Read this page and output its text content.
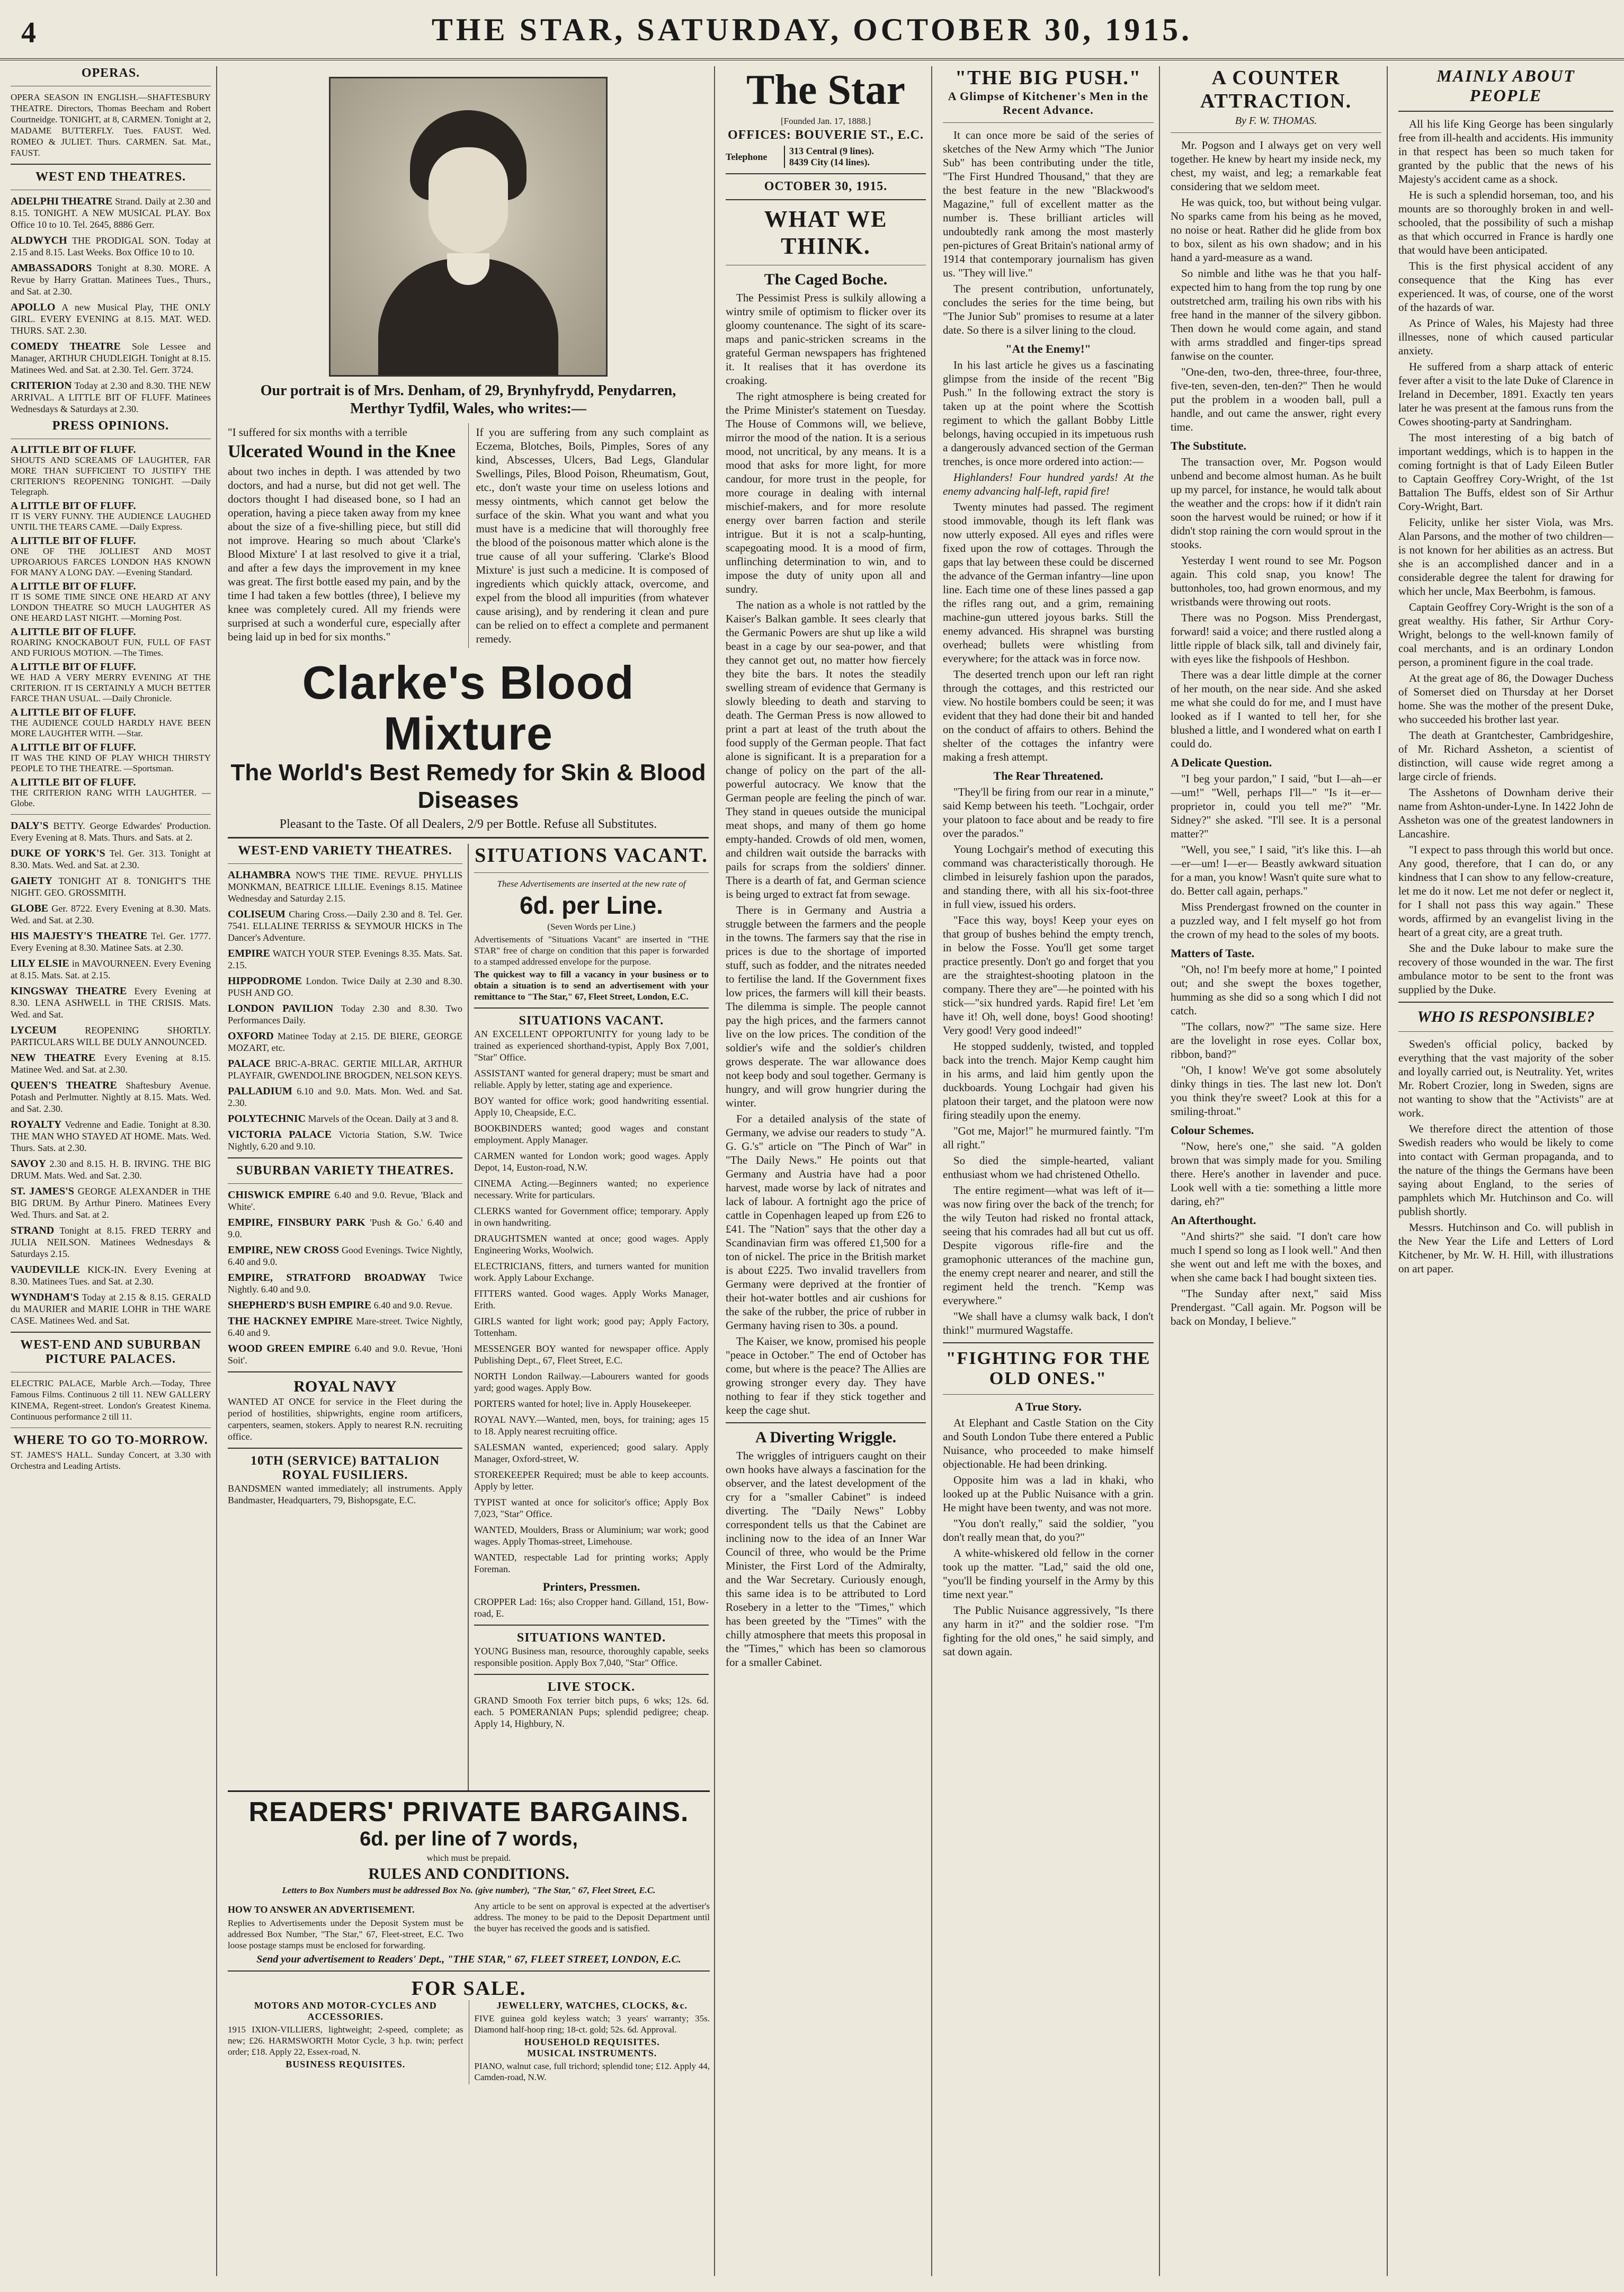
4	THE STAR, SATURDAY, OCTOBER 30, 1915.
OPERAS.
OPERA SEASON IN ENGLISH.—SHAFTESBURY THEATRE. Directors, Thomas Beecham and Robert Courtneidge. TONIGHT, at 8, CARMEN. Tonight at 2, MADAME BUTTERFLY. Tues. FAUST. Wed. ROMEO & JULIET. Thurs. CARMEN. Sat. Mat., FAUST.
WEST END THEATRES.
ADELPHI THEATRE Strand. Daily at 2.30 and 8.15. TONIGHT. A NEW MUSICAL PLAY. Box Office 10 to 10. Tel. 2645, 8886 Gerr.
ALDWYCH THE PRODIGAL SON. Today at 2.15 and 8.15. Last Weeks. Box Office 10 to 10.
AMBASSADORS Tonight at 8.30. MORE. A Revue by Harry Grattan. Matinees Tues., Thurs., and Sat. at 2.30.
APOLLO A new Musical Play, THE ONLY GIRL. EVERY EVENING at 8.15. MAT. WED. THURS. SAT. 2.30.
COMEDY THEATRE Sole Lessee and Manager, ARTHUR CHUDLEIGH. Tonight at 8.15. Matinees Wed. and Sat. at 2.30. Tel. Gerr. 3724.
CRITERION Today at 2.30 and 8.30. THE NEW ARRIVAL. A LITTLE BIT OF FLUFF. Matinees Wednesdays & Saturdays at 2.30.
PRESS OPINIONS.
A LITTLE BIT OF FLUFF.
SHOUTS AND SCREAMS OF LAUGHTER, FAR MORE THAN SUFFICIENT TO JUSTIFY THE CRITERION'S REOPENING TONIGHT. —Daily Telegraph.
A LITTLE BIT OF FLUFF.
IT IS VERY FUNNY. THE AUDIENCE LAUGHED UNTIL THE TEARS CAME. —Daily Express.
A LITTLE BIT OF FLUFF.
ONE OF THE JOLLIEST AND MOST UPROARIOUS FARCES LONDON HAS KNOWN FOR MANY A LONG DAY. —Evening Standard.
A LITTLE BIT OF FLUFF.
IT IS SOME TIME SINCE ONE HEARD AT ANY LONDON THEATRE SO MUCH LAUGHTER AS ONE HEARD LAST NIGHT. —Morning Post.
A LITTLE BIT OF FLUFF.
ROARING KNOCKABOUT FUN, FULL OF FAST AND FURIOUS MOTION. —The Times.
A LITTLE BIT OF FLUFF.
WE HAD A VERY MERRY EVENING AT THE CRITERION. IT IS CERTAINLY A MUCH BETTER FARCE THAN USUAL. —Daily Chronicle.
A LITTLE BIT OF FLUFF.
THE AUDIENCE COULD HARDLY HAVE BEEN MORE LAUGHTER WITH. —Star.
A LITTLE BIT OF FLUFF.
IT WAS THE KIND OF PLAY WHICH THIRSTY PEOPLE TO THE THEATRE. —Sportsman.
A LITTLE BIT OF FLUFF.
THE CRITERION RANG WITH LAUGHTER. —Globe.
DALY'S BETTY. George Edwardes' Production. Every Evening at 8. Mats. Thurs. and Sats. at 2.
DUKE OF YORK'S Tel. Ger. 313. Tonight at 8.30. Mats. Wed. and Sat. at 2.30.
GAIETY TONIGHT AT 8. TONIGHT'S THE NIGHT. GEO. GROSSMITH.
GLOBE Ger. 8722. Every Evening at 8.30. Mats. Wed. and Sat. at 2.30.
HIS MAJESTY'S THEATRE Tel. Ger. 1777. Every Evening at 8.30. Matinee Sats. at 2.30.
LILY ELSIE in MAVOURNEEN. Every Evening at 8.15. Mats. Sat. at 2.15.
KINGSWAY THEATRE Every Evening at 8.30. LENA ASHWELL in THE CRISIS. Mats. Wed. and Sat.
LYCEUM	REOPENING SHORTLY. PARTICULARS WILL BE DULY ANNOUNCED.
NEW THEATRE Every Evening at 8.15. Matinee Wed. and Sat. at 2.30.
QUEEN'S THEATRE Shaftesbury Avenue. Potash and Perlmutter. Nightly at 8.15. Mats. Wed. and Sat. 2.30.
ROYALTY Vedrenne and Eadie. Tonight at 8.30. THE MAN WHO STAYED AT HOME. Mats. Wed. Thurs. Sats. at 2.30.
SAVOY 2.30 and 8.15. H. B. IRVING. THE BIG DRUM. Mats. Wed. and Sat. 2.30.
ST. JAMES'S GEORGE ALEXANDER in THE BIG DRUM. By Arthur Pinero. Matinees Every Wed. Thurs. and Sat. at 2.
STRAND Tonight at 8.15. FRED TERRY and JULIA NEILSON. Matinees Wednesdays & Saturdays 2.15.
VAUDEVILLE KICK-IN. Every Evening at 8.30. Matinees Tues. and Sat. at 2.30.
WYNDHAM'S Today at 2.15 & 8.15. GERALD du MAURIER and MARIE LOHR in THE WARE CASE. Matinees Wed. and Sat.
WEST-END AND SUBURBAN PICTURE PALACES.
ELECTRIC PALACE, Marble Arch.—Today, Three Famous Films. Continuous 2 till 11. NEW GALLERY KINEMA, Regent-street. London's Greatest Kinema. Continuous performance 2 till 11.
WHERE TO GO TO-MORROW.
ST. JAMES'S HALL. Sunday Concert, at 3.30 with Orchestra and Leading Artists.
Our portrait is of Mrs. Denham, of 29, Brynhyfrydd, Penydarren, Merthyr Tydfil, Wales, who writes:—
"I suffered for six months with a terrible
Ulcerated Wound in the Knee
about two inches in depth. I was attended by two doctors, and had a nurse, but did not get well. The doctors thought I had diseased bone, so I had an operation, having a piece taken away from my knee about the size of a five-shilling piece, but still did not improve. Hearing so much about 'Clarke's Blood Mixture' I at last resolved to give it a trial, and after a few days the improvement in my knee was great. The first bottle eased my pain, and by the time I had taken a few bottles (three), I believe my knee was completely cured. All my friends were surprised at such a wonderful cure, especially after being laid up in bed for six months."
If you are suffering from any such complaint as Eczema, Blotches, Boils, Pimples, Sores of any kind, Abscesses, Ulcers, Bad Legs, Glandular Swellings, Piles, Blood Poison, Rheumatism, Gout, etc., don't waste your time on useless lotions and messy ointments, which cannot get below the surface of the skin. What you want and what you must have is a medicine that will thoroughly free the blood of the poisonous matter which alone is the true cause of all your suffering. 'Clarke's Blood Mixture' is just such a medicine. It is composed of ingredients which quickly attack, overcome, and expel from the blood all impurities (from whatever cause arising), and by rendering it clean and pure can be relied on to effect a complete and permanent remedy.
Clarke's Blood Mixture
The World's Best Remedy for Skin & Blood Diseases
Pleasant to the Taste. Of all Dealers, 2/9 per Bottle. Refuse all Substitutes.
WEST-END VARIETY THEATRES.
ALHAMBRA NOW'S THE TIME. REVUE. PHYLLIS MONKMAN, BEATRICE LILLIE. Evenings 8.15. Matinee Wednesday and Saturday 2.15.
COLISEUM Charing Cross.—Daily 2.30 and 8. Tel. Ger. 7541. ELLALINE TERRISS & SEYMOUR HICKS in The Dancer's Adventure.
EMPIRE WATCH YOUR STEP. Evenings 8.35. Mats. Sat. 2.15.
HIPPODROME London. Twice Daily at 2.30 and 8.30. PUSH AND GO.
LONDON PAVILION Today 2.30 and 8.30. Two Performances Daily.
OXFORD Matinee Today at 2.15. DE BIERE, GEORGE MOZART, etc.
PALACE BRIC-A-BRAC. GERTIE MILLAR, ARTHUR PLAYFAIR, GWENDOLINE BROGDEN, NELSON KEYS.
PALLADIUM 6.10 and 9.0. Mats. Mon. Wed. and Sat. 2.30.
POLYTECHNIC Marvels of the Ocean. Daily at 3 and 8.
VICTORIA PALACE Victoria Station, S.W. Twice Nightly, 6.20 and 9.10.
SUBURBAN VARIETY THEATRES.
CHISWICK EMPIRE 6.40 and 9.0. Revue, 'Black and White'.
EMPIRE, FINSBURY PARK 'Push & Go.' 6.40 and 9.0.
EMPIRE, NEW CROSS Good Evenings. Twice Nightly, 6.40 and 9.0.
EMPIRE, STRATFORD BROADWAY Twice Nightly. 6.40 and 9.0.
SHEPHERD'S BUSH EMPIRE 6.40 and 9.0. Revue.
THE HACKNEY EMPIRE Mare-street. Twice Nightly, 6.40 and 9.
WOOD GREEN EMPIRE 6.40 and 9.0. Revue, 'Honi Soit'.
ROYAL NAVY
WANTED AT ONCE for service in the Fleet during the period of hostilities, shipwrights, engine room artificers, carpenters, seamen, stokers. Apply to nearest R.N. recruiting office.
10TH (SERVICE) BATTALION ROYAL FUSILIERS.
BANDSMEN wanted immediately; all instruments. Apply Bandmaster, Headquarters, 79, Bishopsgate, E.C.
SITUATIONS VACANT.
These Advertisements are inserted at the new rate of
6d. per Line.
(Seven Words per Line.)
Advertisements of "Situations Vacant" are inserted in "THE STAR" free of charge on condition that this paper is forwarded to a stamped addressed envelope for the purpose.
The quickest way to fill a vacancy in your business or to obtain a situation is to send an advertisement with your remittance to "The Star," 67, Fleet Street, London, E.C.
SITUATIONS VACANT.
AN EXCELLENT OPPORTUNITY for young lady to be trained as experienced shorthand-typist, Apply Box 7,001, "Star" Office.
ASSISTANT wanted for general drapery; must be smart and reliable. Apply by letter, stating age and experience.
BOY wanted for office work; good handwriting essential. Apply 10, Cheapside, E.C.
BOOKBINDERS wanted; good wages and constant employment. Apply Manager.
CARMEN wanted for London work; good wages. Apply Depot, 14, Euston-road, N.W.
CINEMA Acting.—Beginners wanted; no experience necessary. Write for particulars.
CLERKS wanted for Government office; temporary. Apply in own handwriting.
DRAUGHTSMEN wanted at once; good wages. Apply Engineering Works, Woolwich.
ELECTRICIANS, fitters, and turners wanted for munition work. Apply Labour Exchange.
FITTERS wanted. Good wages. Apply Works Manager, Erith.
GIRLS wanted for light work; good pay; Apply Factory, Tottenham.
MESSENGER BOY wanted for newspaper office. Apply Publishing Dept., 67, Fleet Street, E.C.
NORTH London Railway.—Labourers wanted for goods yard; good wages. Apply Bow.
PORTERS wanted for hotel; live in. Apply Housekeeper.
ROYAL NAVY.—Wanted, men, boys, for training; ages 15 to 18. Apply nearest recruiting office.
SALESMAN wanted, experienced; good salary. Apply Manager, Oxford-street, W.
STOREKEEPER Required; must be able to keep accounts. Apply by letter.
TYPIST wanted at once for solicitor's office; Apply Box 7,023, "Star" Office.
WANTED, Moulders, Brass or Aluminium; war work; good wages. Apply Thomas-street, Limehouse.
WANTED, respectable Lad for printing works; Apply Foreman.
Printers, Pressmen.
CROPPER Lad: 16s; also Cropper hand. Gilland, 151, Bow-road, E.
SITUATIONS WANTED.
YOUNG Business man, resource, thoroughly capable, seeks responsible position. Apply Box 7,040, "Star" Office.
LIVE STOCK.
GRAND Smooth Fox terrier bitch pups, 6 wks; 12s. 6d. each. 5 POMERANIAN Pups; splendid pedigree; cheap. Apply 14, Highbury, N.
READERS' PRIVATE BARGAINS.
6d. per line of 7 words,
which must be prepaid.
RULES AND CONDITIONS.
Letters to Box Numbers must be addressed Box No. (give number), "The Star," 67, Fleet Street, E.C.
HOW TO ANSWER AN ADVERTISEMENT.
Replies to Advertisements under the Deposit System must be addressed Box Number, "The Star," 67, Fleet-street, E.C. Two loose postage stamps must be enclosed for forwarding.
Any article to be sent on approval is expected at the advertiser's address. The money to be paid to the Deposit Department until the buyer has received the goods and is satisfied.
Send your advertisement to Readers' Dept., "THE STAR," 67, FLEET STREET, LONDON, E.C.
FOR SALE.
MOTORS AND MOTOR-CYCLES AND ACCESSORIES.
1915 IXION-VILLIERS, lightweight; 2-speed, complete; as new; £26. HARMSWORTH Motor Cycle, 3 h.p. twin; perfect order; £18. Apply 22, Essex-road, N.
BUSINESS REQUISITES.
JEWELLERY, WATCHES, CLOCKS, &c.
FIVE guinea gold keyless watch; 3 years' warranty; 35s. Diamond half-hoop ring; 18-ct. gold; 52s. 6d. Approval.
HOUSEHOLD REQUISITES.
MUSICAL INSTRUMENTS.
PIANO, walnut case, full trichord; splendid tone; £12. Apply 44, Camden-road, N.W.
The Star
[Founded Jan. 17, 1888.]
OFFICES: BOUVERIE ST., E.C.
Telephone
313 Central (9 lines).
8439 City (14 lines).
OCTOBER 30, 1915.
WHAT WE THINK.
The Caged Boche.
The Pessimist Press is sulkily allowing a wintry smile of optimism to flicker over its gloomy countenance. The sight of its scare-maps and panic-stricken screams in the grateful German newspapers has frightened it. It realises that it has overdone its croaking.
The right atmosphere is being created for the Prime Minister's statement on Tuesday. The House of Commons will, we believe, mirror the mood of the nation. It is a serious mood, not uncritical, by any means. It is a mood that asks for more light, for more candour, for more trust in the people, for more courage in dealing with internal mischief-makers, and for more resolute energy over barren faction and sterile intrigue. But it is not a scalp-hunting, scapegoating mood. It is a mood of firm, unflinching determination to win, and to impose the duty of unity upon all and sundry.
The nation as a whole is not rattled by the Kaiser's Balkan gamble. It sees clearly that the Germanic Powers are shut up like a wild beast in a cage by our sea-power, and that they cannot get out, no matter how fiercely they bite the bars. It notes the steadily swelling stream of evidence that Germany is slowly bleeding to death and starving to death. The German Press is now allowed to print a part at least of the truth about the food supply of the German people. That fact alone is significant. It is a preparation for a change of policy on the part of the all-powerful autocracy. We know that the German people are feeling the pinch of war. They stand in queues outside the municipal meat shops, and many of them go home empty-handed. Crowds of old men, women, and children wait outside the barracks with pails for scraps from the soldiers' dinner. There is a dearth of fat, and German science is being urged to extract fat from sewage.
There is in Germany and Austria a struggle between the farmers and the people in the towns. The farmers say that the rise in prices is due to the shortage of imported stuff, such as fodder, and the nitrates needed to fertilise the land. If the Government fixes low prices, the farmers will kill their beasts. The dilemma is simple. The people cannot pay the high prices, and the farmers cannot live on the low prices. The condition of the soldier's wife and the soldier's children grows desperate. The war allowance does not keep body and soul together. Germany is hungry, and will grow hungrier during the winter.
For a detailed analysis of the state of Germany, we advise our readers to study "A. G. G.'s" article on "The Pinch of War" in "The Daily News." He points out that Germany and Austria have had a poor harvest, made worse by lack of nitrates and lack of labour. A fortnight ago the price of cattle in Copenhagen leaped up from £26 to £41. The "Nation" says that the other day a Scandinavian firm was offered £1,500 for a ton of nickel. The price in the British market is about £225. Two invalid travellers from Germany were deprived at the frontier of their hot-water bottles and air cushions for the sake of the rubber, the price of rubber in Germany having risen to 30s. a pound.
The Kaiser, we know, promised his people "peace in October." The end of October has come, but where is the peace? The Allies are growing stronger every day. They have nothing to fear if they stick together and keep the cage shut.
A Diverting Wriggle.
The wriggles of intriguers caught on their own hooks have always a fascination for the observer, and the latest development of the cry for a "smaller Cabinet" is indeed diverting. The "Daily News" Lobby correspondent tells us that the Cabinet are inclining now to the idea of an Inner War Council of three, who would be the Prime Minister, the First Lord of the Admiralty, and the War Secretary. Curiously enough, this same idea is to be attributed to Lord Rosebery in a letter to the "Times," which has been greeted by the "Times" with the chilly atmosphere that meets this proposal in the "Times," which has been so clamorous for a smaller Cabinet.
"THE BIG PUSH."
A Glimpse of Kitchener's Men in the Recent Advance.
It can once more be said of the series of sketches of the New Army which "The Junior Sub" has been contributing under the title, "The First Hundred Thousand," that they are the best feature in the new "Blackwood's Magazine," full of excellent matter as the number is. These brilliant articles will undoubtedly rank among the most masterly pen-pictures of Great Britain's national army of 1914 that contemporary journalism has given us. "They will live."
The present contribution, unfortunately, concludes the series for the time being, but "The Junior Sub" promises to resume at a later date. So there is a silver lining to the cloud.
"At the Enemy!"
In his last article he gives us a fascinating glimpse from the inside of the recent "Big Push." In the following extract the story is taken up at the point where the Scottish regiment to which the gallant Bobby Little belongs, having occupied in its impetuous rush a dangerously advanced section of the German trenches, is once more ordered into action:—
Highlanders! Four hundred yards! At the enemy advancing half-left, rapid fire!
Twenty minutes had passed. The regiment stood immovable, though its left flank was now utterly exposed. All eyes and rifles were fixed upon the row of cottages. Through the gaps that lay between these could be discerned the advance of the German infantry—line upon line. Each time one of these lines passed a gap the rifles rang out, and a grim, remaining machine-gun uttered joyous barks. Still the enemy advanced. His shrapnel was bursting overhead; bullets were whistling from everywhere; for the attack was in force now.
The deserted trench upon our left ran right through the cottages, and this restricted our view. No hostile bombers could be seen; it was evident that they had done their bit and handed on the conduct of affairs to others. Behind the shelter of the cottages the infantry were making a fresh attempt.
The Rear Threatened.
"They'll be firing from our rear in a minute," said Kemp between his teeth. "Lochgair, order your platoon to face about and be ready to fire over the parados."
Young Lochgair's method of executing this command was characteristically thorough. He climbed in leisurely fashion upon the parados, and standing there, with all his six-foot-three in full view, issued his orders.
"Face this way, boys! Keep your eyes on that group of bushes behind the empty trench, in below the Fosse. You'll get some target practice presently. Don't go and forget that you are the straightest-shooting platoon in the company. There they are"—he pointed with his stick—"six hundred yards. Rapid fire! Let 'em have it! Oh, well done, boys! Good shooting! Very good! Very good indeed!"
He stopped suddenly, twisted, and toppled back into the trench. Major Kemp caught him in his arms, and laid him gently upon the duckboards. Young Lochgair had given his platoon their target, and the platoon were now firing steadily upon the enemy.
"Got me, Major!" he murmured faintly. "I'm all right."
So died the simple-hearted, valiant enthusiast whom we had christened Othello.
The entire regiment—what was left of it—was now firing over the back of the trench; for the wily Teuton had risked no frontal attack, seeing that his comrades had all but cut us off. Despite vigorous rifle-fire and the gramophonic utterances of the machine gun, the enemy crept nearer and nearer, and still the regiment held the trench. "Kemp was everywhere."
"We shall have a clumsy walk back, I don't think!" murmured Wagstaffe.
"FIGHTING FOR THE OLD ONES."
A True Story.
At Elephant and Castle Station on the City and South London Tube there entered a Public Nuisance, who proceeded to make himself objectionable. He had been drinking.
Opposite him was a lad in khaki, who looked up at the Public Nuisance with a grin. He might have been twenty, and was not more.
"You don't really," said the soldier, "you don't really mean that, do you?"
A white-whiskered old fellow in the corner took up the matter. "Lad," said the old one, "you'll be finding yourself in the Army by this time next year."
The Public Nuisance aggressively, "Is there any harm in it?" and the soldier rose. "I'm fighting for the old ones," he said simply, and sat down again.
A COUNTER ATTRACTION.
By F. W. THOMAS.
Mr. Pogson and I always get on very well together. He knew by heart my inside neck, my chest, my waist, and leg; a remarkable feat considering that we seldom meet.
He was quick, too, but without being vulgar. No sparks came from his being as he moved, no noise or heat. Rather did he glide from box to box, silent as his own shadow; and in his hand a yard-measure as a wand.
So nimble and lithe was he that you half-expected him to hang from the top rung by one outstretched arm, trailing his own ribs with his free hand in the manner of the silvery gibbon. Then down he would come again, and stand with arms straddled and finger-tips spread fanwise on the counter.
"One-den, two-den, three-three, four-three, five-ten, seven-den, ten-den?" Then he would put the problem in a wooden ball, pull a handle, and out came the answer, right every time.
The Substitute.
The transaction over, Mr. Pogson would unbend and become almost human. As he built up my parcel, for instance, he would talk about the weather and the crops: how if it didn't rain soon the harvest would be ruined; or how if it didn't stop raining the corn would sprout in the stooks.
Yesterday I went round to see Mr. Pogson again. This cold snap, you know! The buttonholes, too, had grown enormous, and my wristbands were throwing out roots.
There was no Pogson. Miss Prendergast, forward! said a voice; and there rustled along a little ripple of black silk, tall and divinely fair, with eyes like the fishpools of Heshbon.
There was a dear little dimple at the corner of her mouth, on the near side. And she asked me what she could do for me, and I must have looked as if I wanted to tell her, for she blushed a little, and I wondered what on earth I could do.
A Delicate Question.
"I beg your pardon," I said, "but I—ah—er—um!" "Well, perhaps I'll—" "Is it—er—proprietor in, could you tell me?" "Mr. Sidney?" she asked. "I'll see. It is a personal matter?"
"Well, you see," I said, "it's like this. I—ah—er—um! I—er— Beastly awkward situation for a man, you know! Wasn't quite sure what to do. Better call again, perhaps."
Miss Prendergast frowned on the counter in a puzzled way, and I felt myself go hot from the crown of my head to the soles of my boots.
Matters of Taste.
"Oh, no! I'm beefy more at home," I pointed out; and she swept the boxes together, humming as she did so a song which I did not catch.
"The collars, now?" "The same size. Here are the lovelight in rose eyes. Collar box, ribbon, band?"
"Oh, I know! We've got some absolutely dinky things in ties. The last new lot. Don't you think they're sweet? Look at this for a smiling-throat."
Colour Schemes.
"Now, here's one," she said. "A golden brown that was simply made for you. Smiling there. Here's another in lavender and puce. Look well with a tie: something a little more daring, eh?"
An Afterthought.
"And shirts?" she said. "I don't care how much I spend so long as I look well." And then she went out and left me with the boxes, and when she came back I had bought sixteen ties.
"The Sunday after next," said Miss Prendergast. "Call again. Mr. Pogson will be back on Monday, I believe."
MAINLY ABOUT PEOPLE
All his life King George has been singularly free from ill-health and accidents. His immunity in that respect has been so much taken for granted by the public that the news of his Majesty's accident came as a shock.
He is such a splendid horseman, too, and his mounts are so thoroughly broken in and well-schooled, that the possibility of such a mishap as that which occurred in France is hardly one that would have been anticipated.
This is the first physical accident of any consequence that the King has ever experienced. It was, of course, one of the worst of the hazards of war.
As Prince of Wales, his Majesty had three illnesses, none of which caused particular anxiety.
He suffered from a sharp attack of enteric fever after a visit to the late Duke of Clarence in Ireland in December, 1891. Exactly ten years later he was present at the famous runs from the Cowes shooting-party at Sandringham.
The most interesting of a big batch of important weddings, which is to happen in the coming fortnight is that of Lady Eileen Butler to Captain Geoffrey Cory-Wright, of the 1st Battalion The Buffs, eldest son of Sir Arthur Cory-Wright, Bart.
Felicity, unlike her sister Viola, was Mrs. Alan Parsons, and the mother of two children—is not known for her abilities as an actress. But she is an accomplished dancer and in a considerable degree the talent for drawing for which her uncle, Max Beerbohm, is famous.
Captain Geoffrey Cory-Wright is the son of a great wealthy. His father, Sir Arthur Cory-Wright, belongs to the well-known family of coal merchants, and is an ordinary London person, a prominent figure in the coal trade.
At the great age of 86, the Dowager Duchess of Somerset died on Thursday at her Dorset home. She was the mother of the present Duke, who succeeded his brother last year.
The death at Grantchester, Cambridgeshire, of Mr. Richard Assheton, a scientist of distinction, will cause wide regret among a large circle of friends.
The Asshetons of Downham derive their name from Ashton-under-Lyne. In 1422 John de Assheton was one of the greatest landowners in Lancashire.
"I expect to pass through this world but once. Any good, therefore, that I can do, or any kindness that I can show to any fellow-creature, let me do it now. Let me not defer or neglect it, for I shall not pass this way again." These words, affirmed by an evangelist living in the heart of a great city, are a great truth.
She and the Duke labour to make sure the recovery of those wounded in the war. The first ambulance motor to be sent to the front was supplied by the Duke.
WHO IS RESPONSIBLE?
Sweden's official policy, backed by everything that the vast majority of the sober and loyally carried out, is Neutrality. Yet, writes Mr. Robert Crozier, long in Sweden, signs are not wanting to show that the "Activists" are at work.
We therefore direct the attention of those Swedish readers who would be likely to come into contact with German propaganda, and to the nature of the things the Germans have been saying about England, to the series of pamphlets which Mr. Hutchinson and Co. will publish shortly.
Messrs. Hutchinson and Co. will publish in the New Year the Life and Letters of Lord Kitchener, by Mr. W. H. Hill, with illustrations on art paper.
